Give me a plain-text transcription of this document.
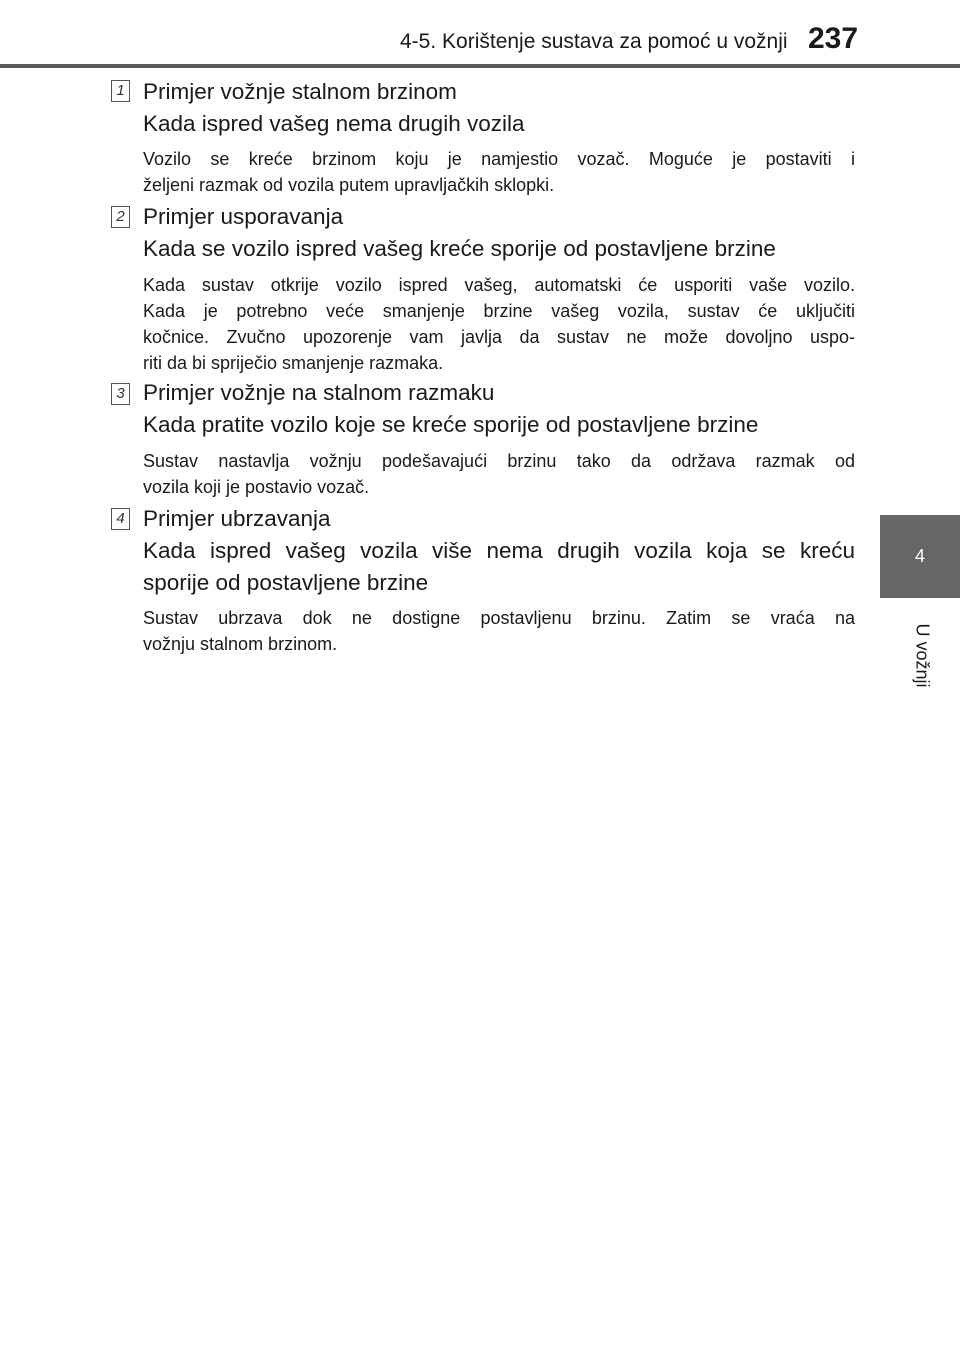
4-5. Korištenje sustava za pomoć u vožnji 237
4
U vožnji
1 Primjer vožnje stalnom brzinom
Kada ispred vašeg nema drugih vozila
Vozilo se kreće brzinom koju je namjestio vozač. Moguće je postaviti i
željeni razmak od vozila putem upravljačkih sklopki.
2 Primjer usporavanja
Kada se vozilo ispred vašeg kreće sporije od postavljene brzine
Kada sustav otkrije vozilo ispred vašeg, automatski će usporiti vaše vozilo.
Kada je potrebno veće smanjenje brzine vašeg vozila, sustav će uključiti
kočnice. Zvučno upozorenje vam javlja da sustav ne može dovoljno uspo-
riti da bi spriječio smanjenje razmaka.
3 Primjer vožnje na stalnom razmaku
Kada pratite vozilo koje se kreće sporije od postavljene brzine
Sustav nastavlja vožnju podešavajući brzinu tako da održava razmak od
vozila koji je postavio vozač.
4 Primjer ubrzavanja
Kada ispred vašeg vozila više nema drugih vozila koja se kreću
sporije od postavljene brzine
Sustav ubrzava dok ne dostigne postavljenu brzinu. Zatim se vraća na
vožnju stalnom brzinom.
